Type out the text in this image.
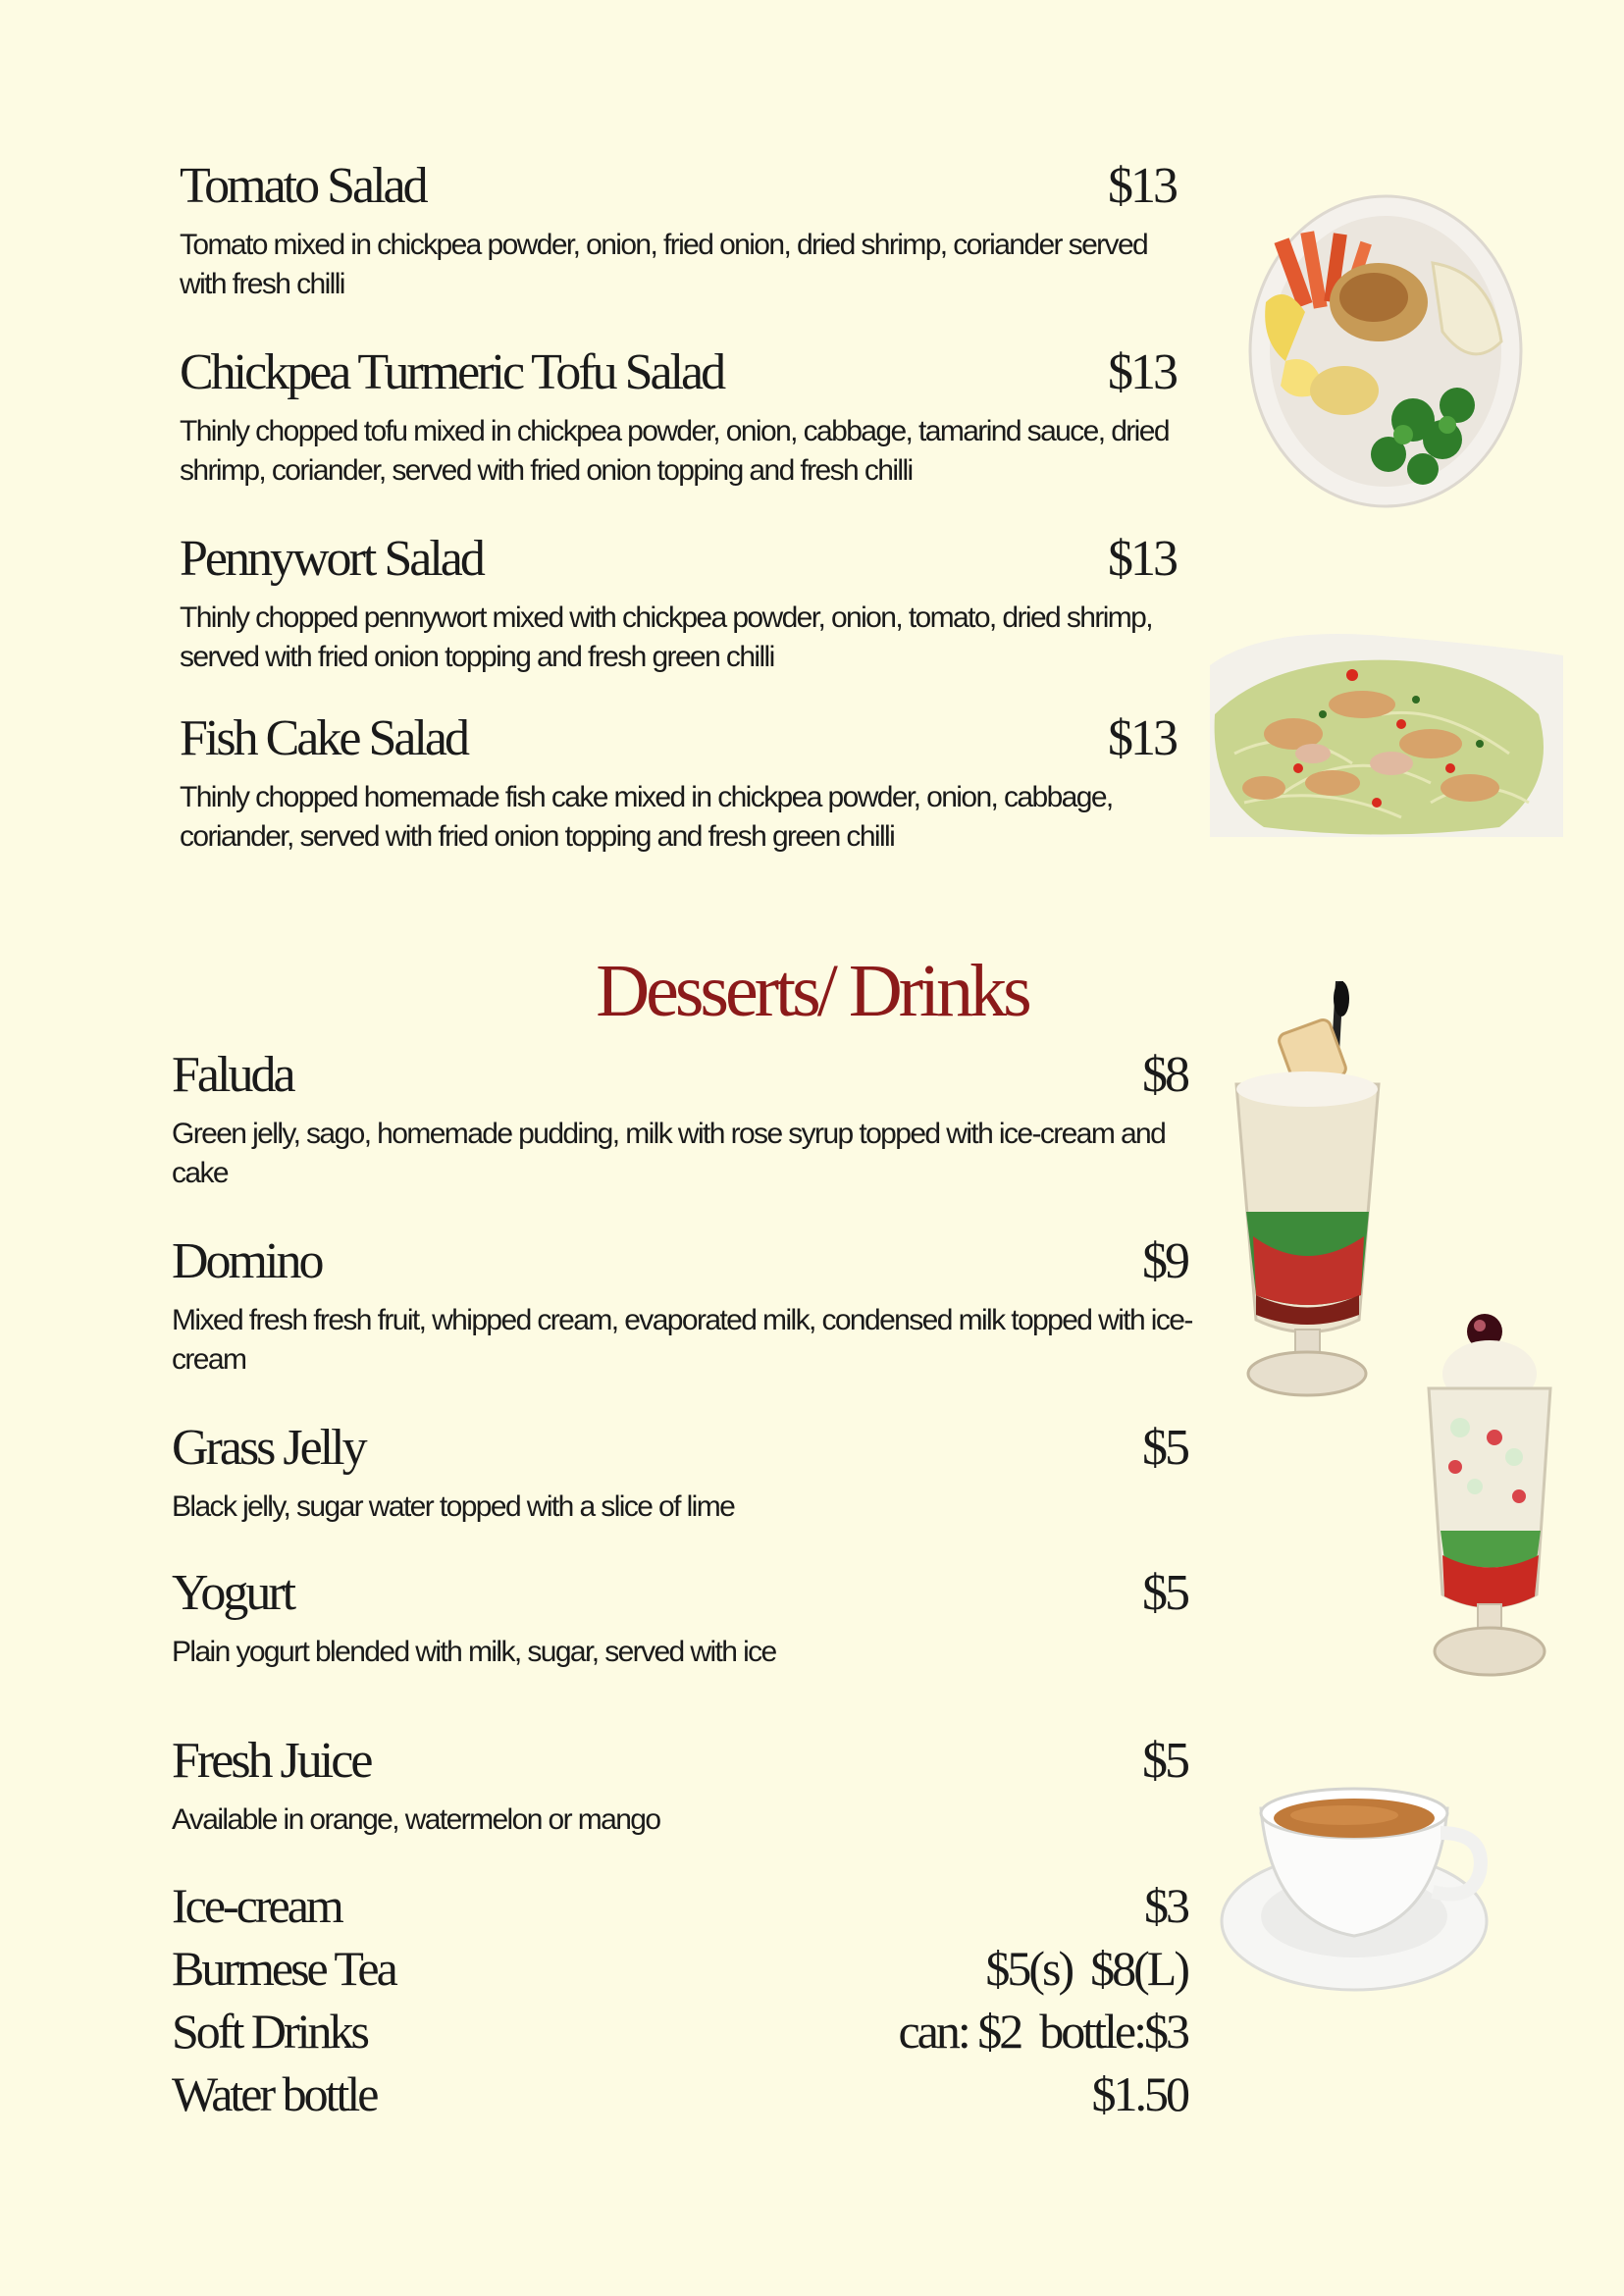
Tomato Salad	$13
Tomato mixed in chickpea powder, onion, fried onion, dried shrimp, coriander served with fresh chilli
Chickpea Turmeric Tofu Salad	$13
Thinly chopped tofu mixed in chickpea powder, onion, cabbage, tamarind sauce, dried shrimp, coriander, served with fried onion topping and fresh chilli
Pennywort Salad	$13
Thinly chopped pennywort mixed with chickpea powder, onion, tomato, dried shrimp, served with fried onion topping and fresh green chilli
Fish Cake Salad	$13
Thinly chopped homemade fish cake mixed in chickpea powder, onion, cabbage, coriander, served with fried onion topping and fresh green chilli
Desserts/ Drinks
Faluda	$8
Green jelly, sago, homemade pudding, milk with rose syrup topped with ice-cream and cake
Domino	$9
Mixed fresh fresh fruit, whipped cream, evaporated milk, condensed milk topped with ice-cream
Grass Jelly	$5
Black jelly, sugar water topped with a slice of lime
Yogurt	$5
Plain yogurt blended with milk, sugar, served with ice
Fresh Juice	$5
Available in orange, watermelon or mango
Ice-cream	$3
Burmese Tea	$5(s)  $8(L)
Soft Drinks	can: $2  bottle:$3
Water bottle	$1.50
